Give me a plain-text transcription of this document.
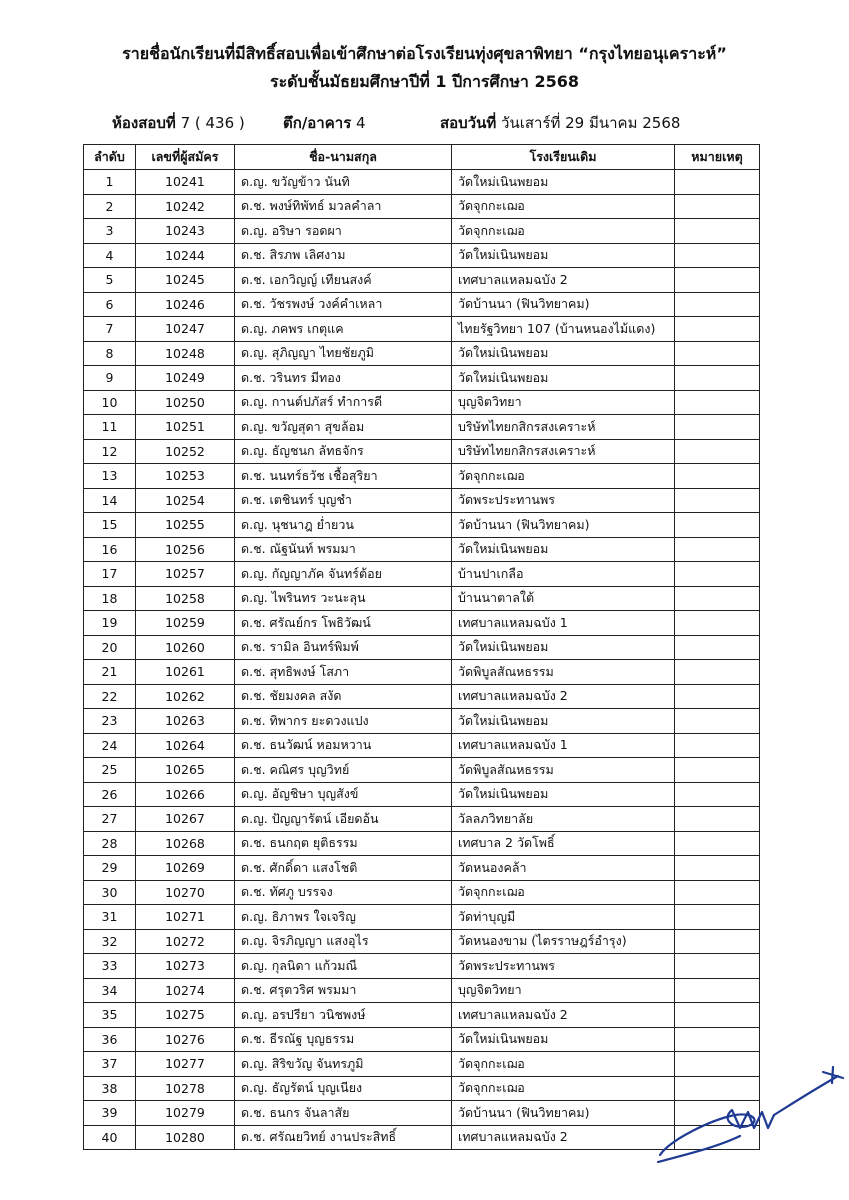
รายชื่อนักเรียนที่มีสิทธิ์สอบเพื่อเข้าศึกษาต่อโรงเรียนทุ่งศุขลาพิทยา “กรุงไทยอนุเคราะห์”
ระดับชั้นมัธยมศึกษาปีที่ 1 ปีการศึกษา 2568
ห้องสอบที่ 7 ( 436 )	ตึก/อาคาร 4	สอบวันที่ วันเสาร์ที่ 29 มีนาคม 2568
ลำดับ	เลขที่ผู้สมัคร	ชื่อ-นามสกุล	โรงเรียนเดิม	หมายเหตุ
1	10241	ด.ญ. ขวัญข้าว นันทิ	วัดใหม่เนินพยอม	
2	10242	ด.ช. พงษ์ทิพัทธ์ มวลคำลา	วัดจุกกะเฌอ	
3	10243	ด.ญ. อริษา รอดผา	วัดจุกกะเฌอ	
4	10244	ด.ช. สิรภพ เลิศงาม	วัดใหม่เนินพยอม	
5	10245	ด.ช. เอกวิญญ์ เทียนสงค์	เทศบาลแหลมฉบัง 2	
6	10246	ด.ช. วัชรพงษ์ วงค์คำเหลา	วัดบ้านนา (ฟินวิทยาคม)	
7	10247	ด.ญ. ภคพร เกตุแค	ไทยรัฐวิทยา 107 (บ้านหนองไม้แดง)	
8	10248	ด.ญ. สุภิญญา ไทยชัยภูมิ	วัดใหม่เนินพยอม	
9	10249	ด.ช. วรินทร มีทอง	วัดใหม่เนินพยอม	
10	10250	ด.ญ. กานต์ปภัสร์ ทำการดี	บุญจิตวิทยา	
11	10251	ด.ญ. ขวัญสุดา สุขล้อม	บริษัทไทยกสิกรสงเคราะห์	
12	10252	ด.ญ. ธัญชนก ลัทธจักร	บริษัทไทยกสิกรสงเคราะห์	
13	10253	ด.ช. นนทร์ธวัช เชื้อสุริยา	วัดจุกกะเฌอ	
14	10254	ด.ช. เตชินทร์ บุญชำ	วัดพระประทานพร	
15	10255	ด.ญ. นุชนาฎ ย่ำยวน	วัดบ้านนา (ฟินวิทยาคม)	
16	10256	ด.ช. ณัฐนันท์ พรมมา	วัดใหม่เนินพยอม	
17	10257	ด.ญ. กัญญาภัค จันทร์ต้อย	บ้านปาเกลือ	
18	10258	ด.ญ. ไพรินทร วะนะลุน	บ้านนาตาลใต้	
19	10259	ด.ช. ศรัณย์กร โพธิวัฒน์	เทศบาลแหลมฉบัง 1	
20	10260	ด.ช. รามิล อินทร์พิมพ์	วัดใหม่เนินพยอม	
21	10261	ด.ช. สุทธิพงษ์ โสภา	วัดพิบูลสัณหธรรม	
22	10262	ด.ช. ชัยมงคล สงัด	เทศบาลแหลมฉบัง 2	
23	10263	ด.ช. ทิพากร ยะดวงแปง	วัดใหม่เนินพยอม	
24	10264	ด.ช. ธนวัฒน์ หอมหวาน	เทศบาลแหลมฉบัง 1	
25	10265	ด.ช. คณิศร บุญวิทย์	วัดพิบูลสัณหธรรม	
26	10266	ด.ญ. อัญชิษา บุญสังข์	วัดใหม่เนินพยอม	
27	10267	ด.ญ. ปัญญารัตน์ เอียดอ้น	วัลลภวิทยาลัย	
28	10268	ด.ช. ธนกฤต ยุติธรรม	เทศบาล 2 วัดโพธิ์	
29	10269	ด.ช. ศักดิ์ดา แสงโชติ	วัดหนองคล้า	
30	10270	ด.ช. ทัศภู บรรจง	วัดจุกกะเฌอ	
31	10271	ด.ญ. ธิภาพร ใจเจริญ	วัดท่าบุญมี	
32	10272	ด.ญ. จิรภิญญา แสงอุไร	วัดหนองขาม (ไตรราษฎร์อำรุง)	
33	10273	ด.ญ. กุลนิดา แก้วมณี	วัดพระประทานพร	
34	10274	ด.ช. ศรุตวริศ พรมมา	บุญจิตวิทยา	
35	10275	ด.ญ. อรปรียา วนิชพงษ์	เทศบาลแหลมฉบัง 2	
36	10276	ด.ช. ธีรณัฐ บุญธรรม	วัดใหม่เนินพยอม	
37	10277	ด.ญ. สิริขวัญ จันทรภูมิ	วัดจุกกะเฌอ	
38	10278	ด.ญ. ธัญรัตน์ บุญเนียง	วัดจุกกะเฌอ	
39	10279	ด.ช. ธนกร จันลาสัย	วัดบ้านนา (ฟินวิทยาคม)	
40	10280	ด.ช. ศรัณยวิทย์ งานประสิทธิ์	เทศบาลแหลมฉบัง 2	
